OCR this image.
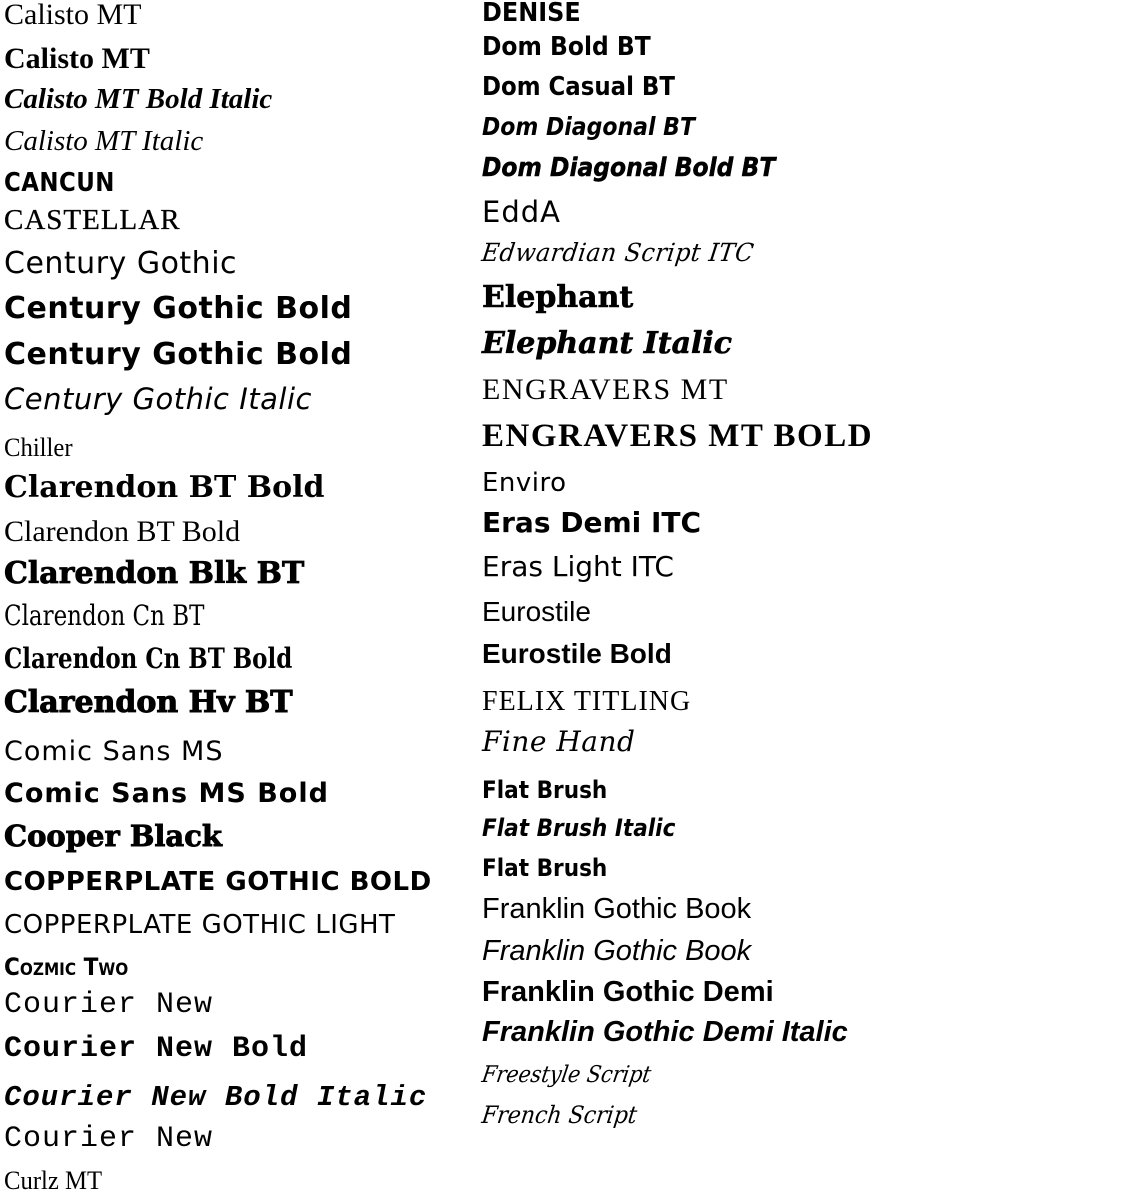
Calisto MT
Calisto MT
Calisto MT Bold Italic
Calisto MT Italic
CANCUN
CASTELLAR
Century Gothic
Century Gothic Bold
Century Gothic Bold
Century Gothic Italic
Chiller
Clarendon BT Bold
Clarendon BT Bold
Clarendon Blk BT
Clarendon Cn BT
Clarendon Cn BT Bold
Clarendon Hv BT
Comic Sans MS
Comic Sans MS Bold
Cooper Black
COPPERPLATE GOTHIC BOLD
COPPERPLATE GOTHIC LIGHT
Cozmic Two
Courier New
Courier New Bold
Courier New Bold Italic
Courier New
Curlz MT
DENISE
Dom Bold BT
Dom Casual BT
Dom Diagonal BT
Dom Diagonal Bold BT
EddA
Edwardian Script ITC
Elephant
Elephant Italic
ENGRAVERS MT
ENGRAVERS MT BOLD
Enviro
Eras Demi ITC
Eras Light ITC
Eurostile
Eurostile Bold
FELIX TITLING
Fine Hand
Flat Brush
Flat Brush Italic
Flat Brush
Franklin Gothic Book
Franklin Gothic Book
Franklin Gothic Demi
Franklin Gothic Demi Italic
Freestyle Script
French Script
